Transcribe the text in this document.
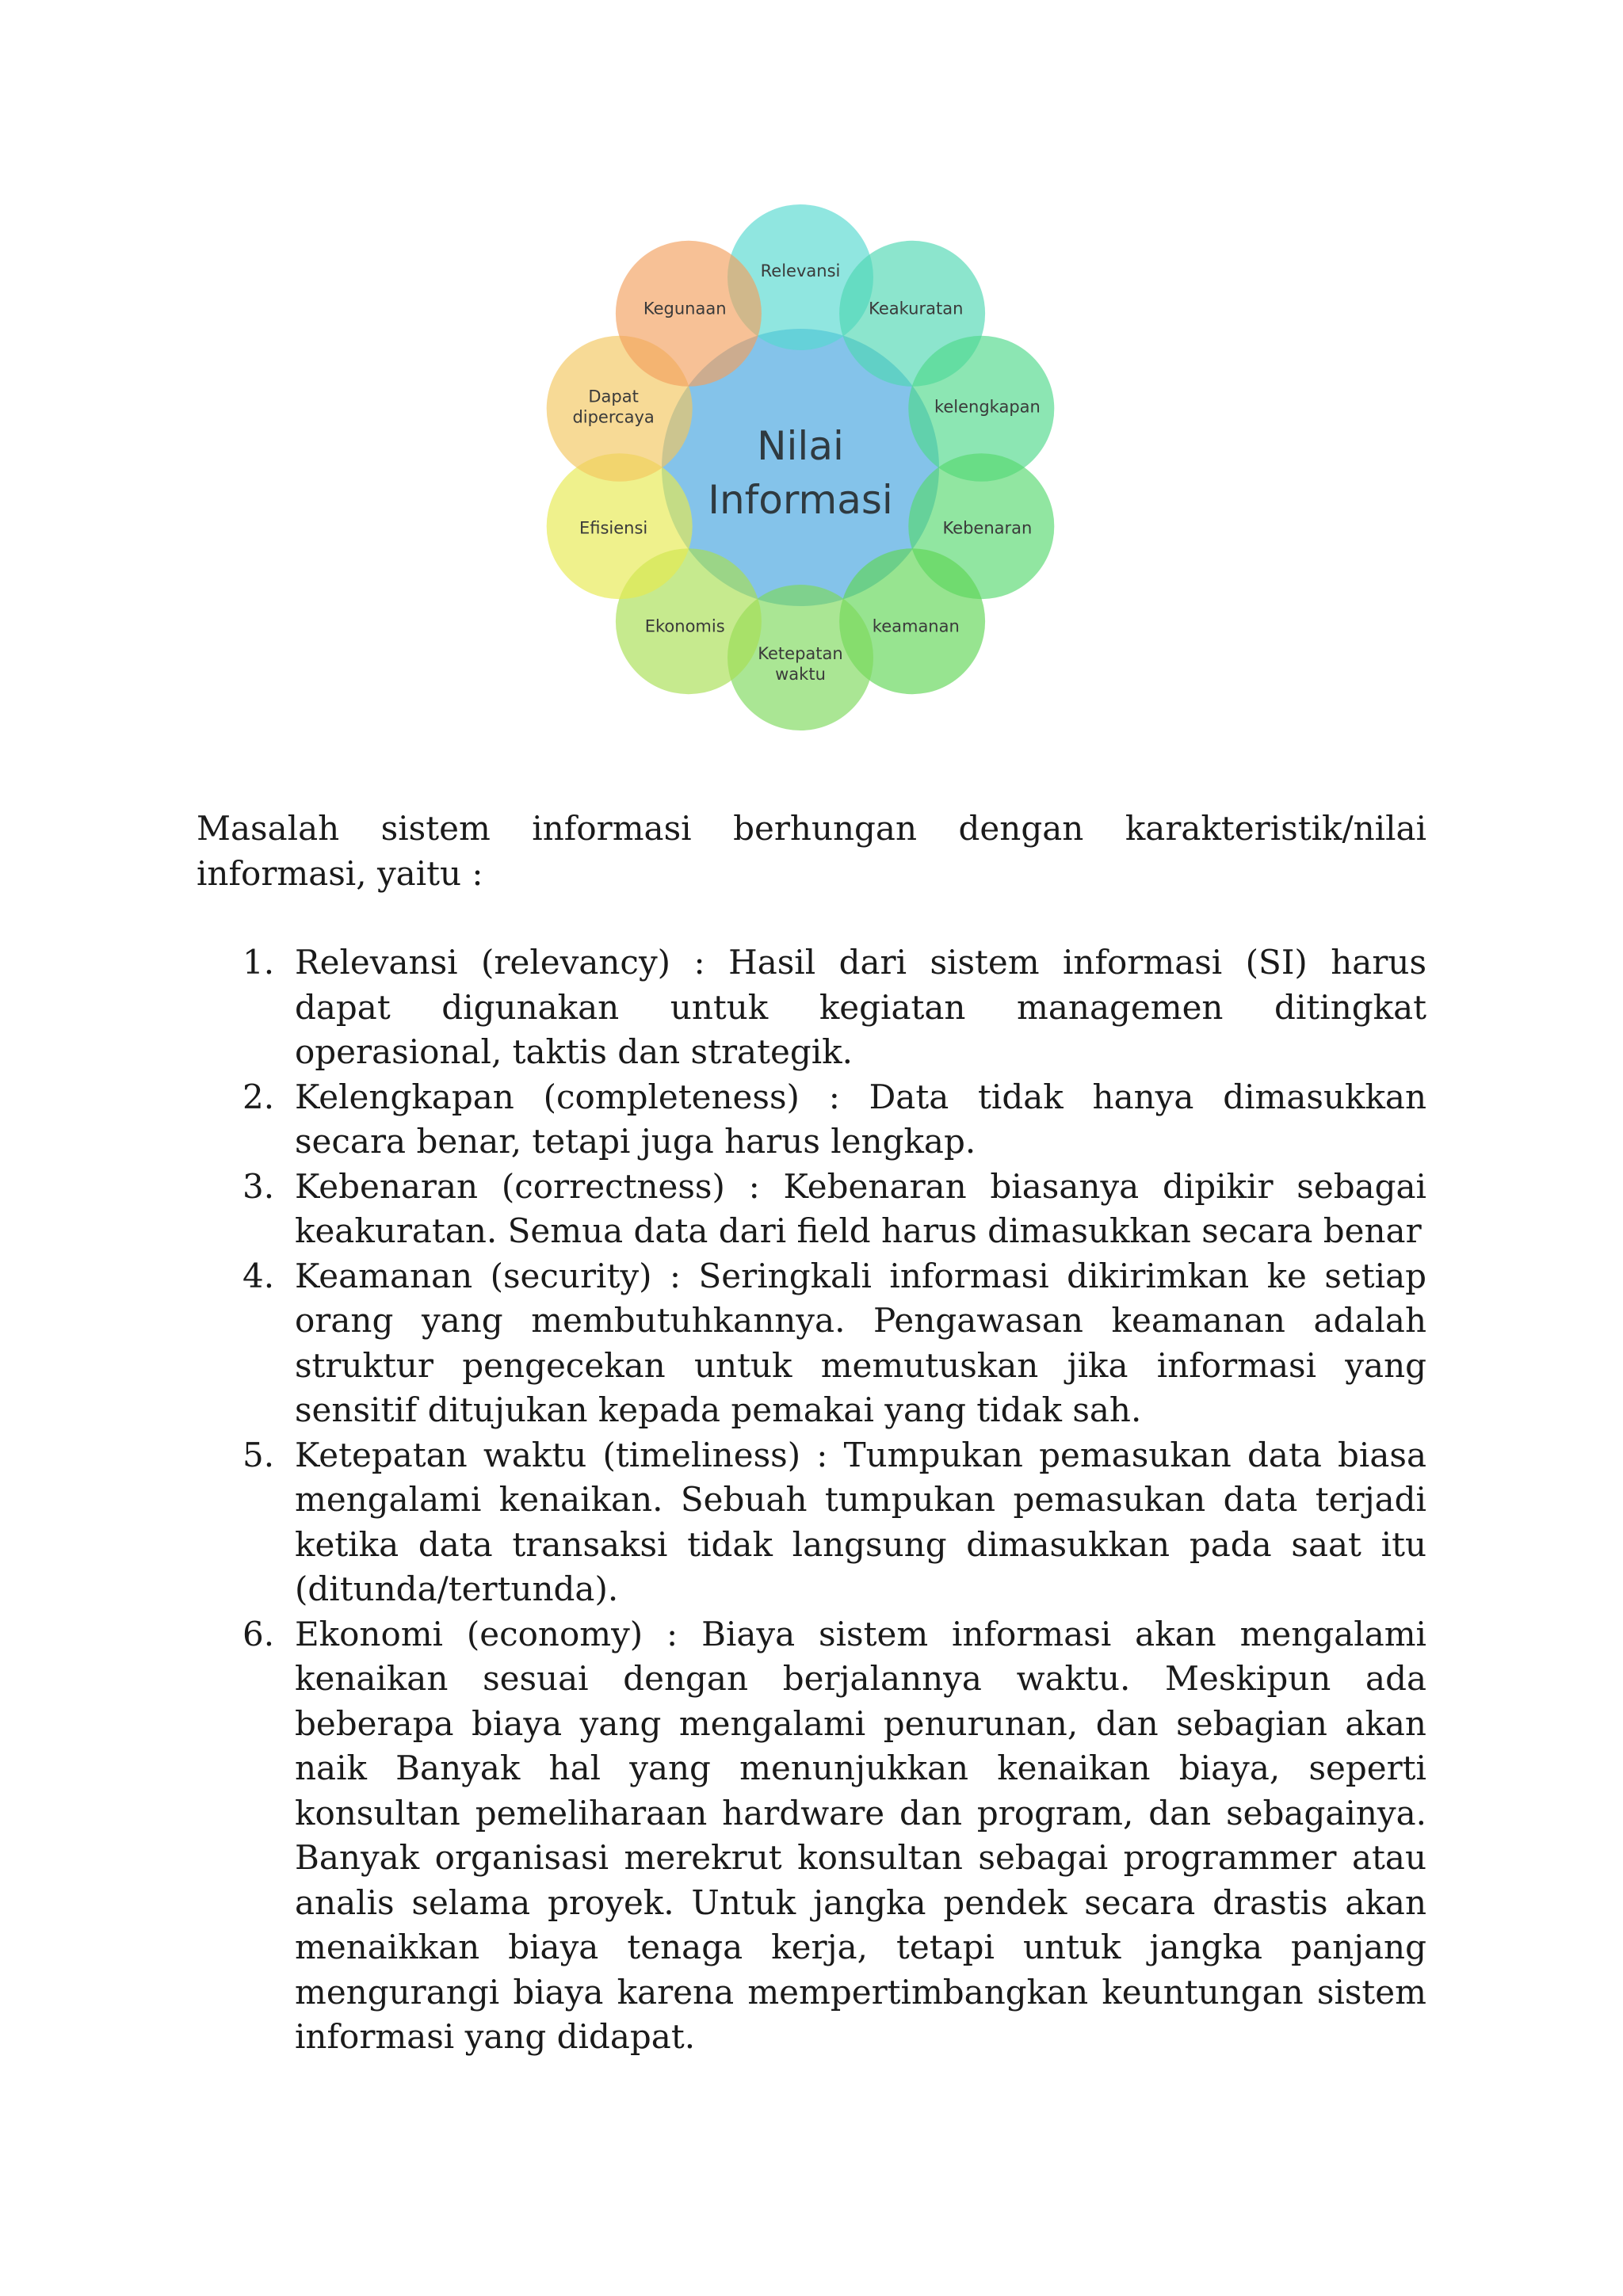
Relevansi
Keakuratan
kelengkapan
Kebenaran
keamanan
Ketepatan
waktu
Ekonomis
Efisiensi
Dapat
dipercaya
Kegunaan
Nilai
Informasi

Masalah sistem informasi berhungan dengan karakteristik/nilai informasi, yaitu :

1. Relevansi (relevancy) : Hasil dari sistem informasi (SI) harus dapat digunakan untuk kegiatan managemen ditingkat operasional, taktis dan strategik.
2. Kelengkapan (completeness) : Data tidak hanya dimasukkan secara benar, tetapi juga harus lengkap.
3. Kebenaran (correctness) : Kebenaran biasanya dipikir sebagai keakuratan. Semua data dari field harus dimasukkan secara benar
4. Keamanan (security) : Seringkali informasi dikirimkan ke setiap orang yang membutuhkannya. Pengawasan keamanan adalah struktur pengecekan untuk memutuskan jika informasi yang sensitif ditujukan kepada pemakai yang tidak sah.
5. Ketepatan waktu (timeliness) : Tumpukan pemasukan data biasa mengalami kenaikan. Sebuah tumpukan pemasukan data terjadi ketika data transaksi tidak langsung dimasukkan pada saat itu (ditunda/tertunda).
6. Ekonomi (economy) : Biaya sistem informasi akan mengalami kenaikan sesuai dengan berjalannya waktu. Meskipun ada beberapa biaya yang mengalami penurunan, dan sebagian akan naik Banyak hal yang menunjukkan kenaikan biaya, seperti konsultan pemeliharaan hardware dan program, dan sebagainya. Banyak organisasi merekrut konsultan sebagai programmer atau analis selama proyek. Untuk jangka pendek secara drastis akan menaikkan biaya tenaga kerja, tetapi untuk jangka panjang mengurangi biaya karena mempertimbangkan keuntungan sistem informasi yang didapat.
